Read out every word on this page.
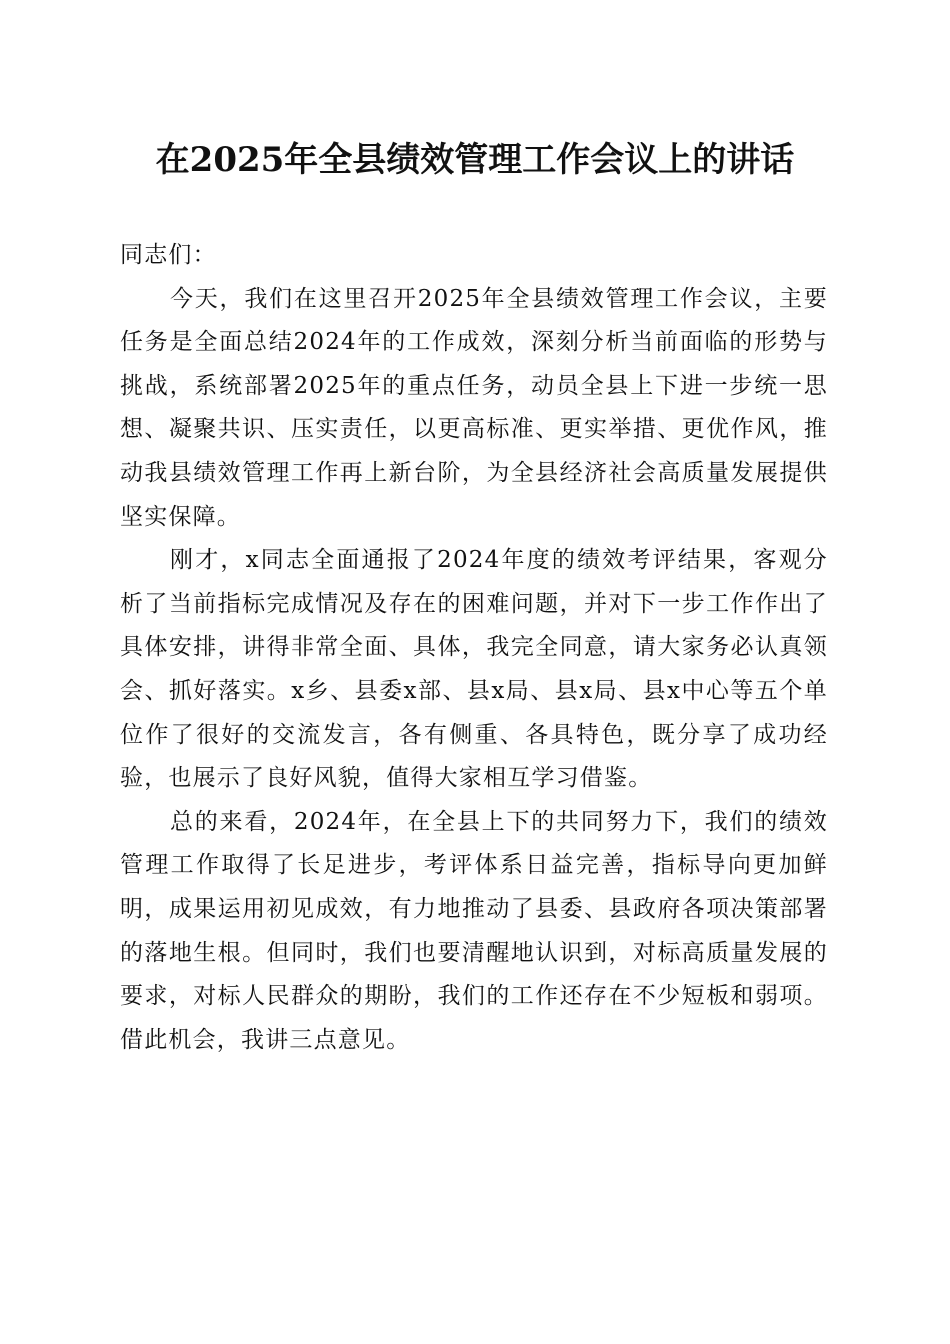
在2025年全县绩效管理工作会议上的讲话

同志们：

今天，我们在这里召开2025年全县绩效管理工作会议，主要任务是全面总结2024年的工作成效，深刻分析当前面临的形势与挑战，系统部署2025年的重点任务，动员全县上下进一步统一思想、凝聚共识、压实责任，以更高标准、更实举措、更优作风，推动我县绩效管理工作再上新台阶，为全县经济社会高质量发展提供坚实保障。

刚才，x同志全面通报了2024年度的绩效考评结果，客观分析了当前指标完成情况及存在的困难问题，并对下一步工作作出了具体安排，讲得非常全面、具体，我完全同意，请大家务必认真领会、抓好落实。x乡、县委x部、县x局、县x局、县x中心等五个单位作了很好的交流发言，各有侧重、各具特色，既分享了成功经验，也展示了良好风貌，值得大家相互学习借鉴。

总的来看，2024年，在全县上下的共同努力下，我们的绩效管理工作取得了长足进步，考评体系日益完善，指标导向更加鲜明，成果运用初见成效，有力地推动了县委、县政府各项决策部署的落地生根。但同时，我们也要清醒地认识到，对标高质量发展的要求，对标人民群众的期盼，我们的工作还存在不少短板和弱项。借此机会，我讲三点意见。
